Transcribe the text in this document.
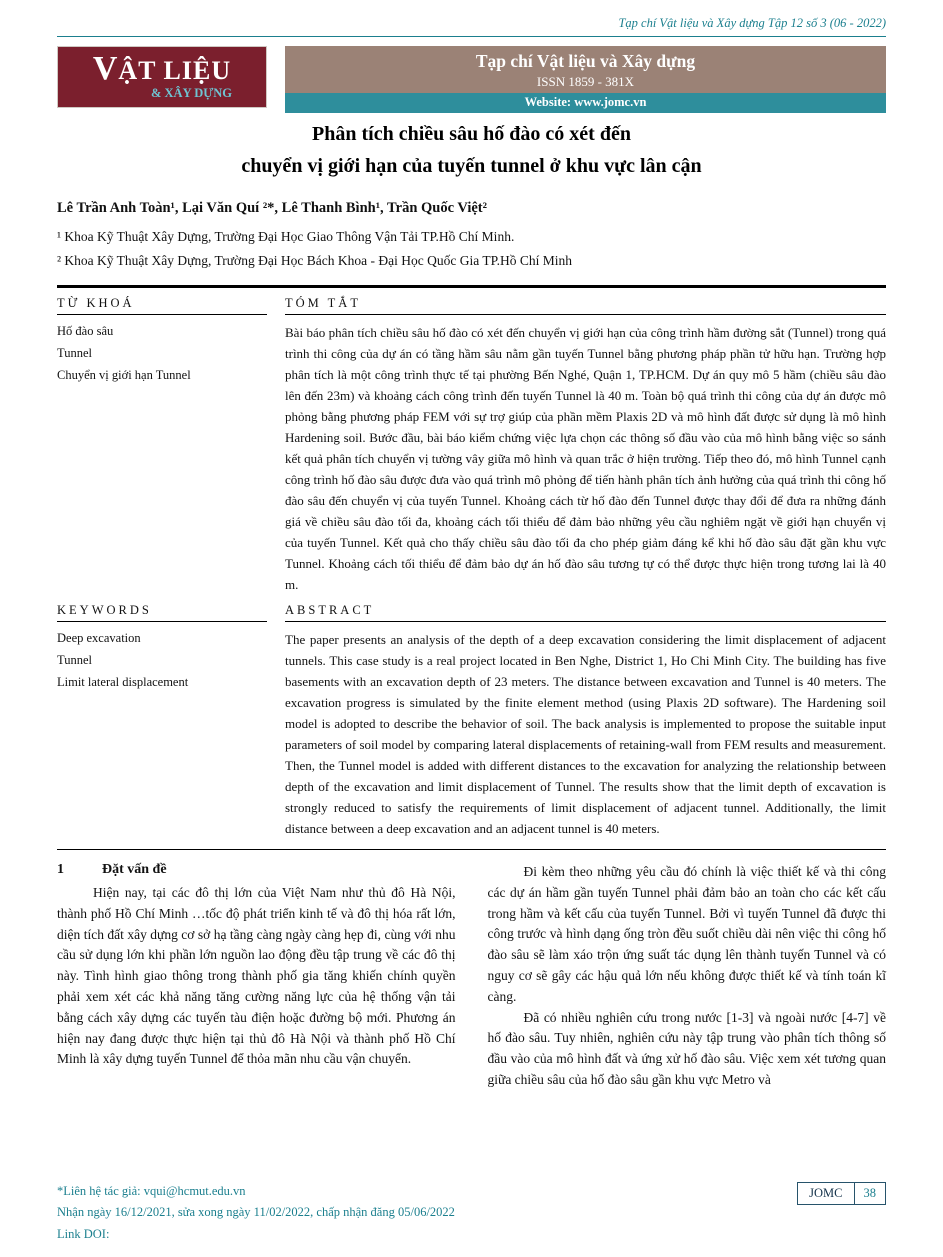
Tạp chí Vật liệu và Xây dựng Tập 12 số 3 (06 - 2022)
VẬT LIỆU
& XÂY DỰNG
Tạp chí Vật liệu và Xây dựng
ISSN 1859 - 381X
Website: www.jomc.vn
Phân tích chiều sâu hố đào có xét đến
chuyển vị giới hạn của tuyến tunnel ở khu vực lân cận
Lê Trần Anh Toàn¹, Lại Văn Quí ²*, Lê Thanh Bình¹, Trần Quốc Việt²
¹ Khoa Kỹ Thuật Xây Dựng, Trường Đại Học Giao Thông Vận Tải TP.Hồ Chí Minh.
² Khoa Kỹ Thuật Xây Dựng, Trường Đại Học Bách Khoa - Đại Học Quốc Gia TP.Hồ Chí Minh
TỪ KHOÁ
Hố đào sâu
Tunnel
Chuyển vị giới hạn Tunnel
TÓM TẮT
Bài báo phân tích chiều sâu hố đào có xét đến chuyển vị giới hạn của công trình hầm đường sắt (Tunnel) trong quá trình thi công của dự án có tầng hầm sâu nằm gần tuyến Tunnel bằng phương pháp phần tử hữu hạn. Trường hợp phân tích là một công trình thực tế tại phường Bến Nghé, Quận 1, TP.HCM. Dự án quy mô 5 hầm (chiều sâu đào lên đến 23m) và khoảng cách công trình đến tuyến Tunnel là 40 m. Toàn bộ quá trình thi công của dự án được mô phỏng bằng phương pháp FEM với sự trợ giúp của phần mềm Plaxis 2D và mô hình đất được sử dụng là mô hình Hardening soil. Bước đầu, bài báo kiểm chứng việc lựa chọn các thông số đầu vào của mô hình bằng việc so sánh kết quả phân tích chuyển vị tường vây giữa mô hình và quan trắc ở hiện trường. Tiếp theo đó, mô hình Tunnel cạnh công trình hố đào sâu được đưa vào quá trình mô phỏng để tiến hành phân tích ảnh hưởng của quá trình thi công hố đào sâu đến chuyển vị của tuyến Tunnel. Khoảng cách từ hố đào đến Tunnel được thay đổi để đưa ra những đánh giá về chiều sâu đào tối đa, khoảng cách tối thiểu để đảm bảo những yêu cầu nghiêm ngặt về giới hạn chuyển vị của tuyến Tunnel. Kết quả cho thấy chiều sâu đào tối đa cho phép giảm đáng kể khi hố đào sâu đặt gần khu vực Tunnel. Khoảng cách tối thiểu để đảm bảo dự án hố đào sâu tương tự có thể được thực hiện trong tương lai là 40 m.
KEYWORDS
Deep excavation
Tunnel
Limit lateral displacement
ABSTRACT
The paper presents an analysis of the depth of a deep excavation considering the limit displacement of adjacent tunnels. This case study is a real project located in Ben Nghe, District 1, Ho Chi Minh City. The building has five basements with an excavation depth of 23 meters. The distance between excavation and Tunnel is 40 meters. The excavation progress is simulated by the finite element method (using Plaxis 2D software). The Hardening soil model is adopted to describe the behavior of soil. The back analysis is implemented to propose the suitable input parameters of soil model by comparing lateral displacements of retaining-wall from FEM results and measurement. Then, the Tunnel model is added with different distances to the excavation for analyzing the relationship between depth of the excavation and limit displacement of Tunnel. The results show that the limit depth of excavation is strongly reduced to satisfy the requirements of limit displacement of adjacent tunnel. Additionally, the limit distance between a deep excavation and an adjacent tunnel is 40 meters.
1	Đặt vấn đề
Hiện nay, tại các đô thị lớn của Việt Nam như thủ đô Hà Nội, thành phố Hồ Chí Minh …tốc độ phát triển kinh tế và đô thị hóa rất lớn, diện tích đất xây dựng cơ sở hạ tầng càng ngày càng hẹp đi, cùng với nhu cầu sử dụng lớn khi phần lớn nguồn lao động đều tập trung về các đô thị này. Tình hình giao thông trong thành phố gia tăng khiến chính quyền phải xem xét các khả năng tăng cường năng lực của hệ thống vận tải bằng cách xây dựng các tuyến tàu điện hoặc đường bộ mới. Phương án hiện nay đang được thực hiện tại thủ đô Hà Nội và thành phố Hồ Chí Minh là xây dựng tuyến Tunnel để thỏa mãn nhu cầu vận chuyển.
Đi kèm theo những yêu cầu đó chính là việc thiết kế và thi công các dự án hầm gần tuyến Tunnel phải đảm bảo an toàn cho các kết cấu trong hầm và kết cấu của tuyến Tunnel. Bởi vì tuyến Tunnel đã được thi công trước và hình dạng ống tròn đều suốt chiều dài nên việc thi công hố đào sâu sẽ làm xáo trộn ứng suất tác dụng lên thành tuyến Tunnel và có nguy cơ sẽ gây các hậu quả lớn nếu không được thiết kế và tính toán kĩ càng.
Đã có nhiều nghiên cứu trong nước [1-3] và ngoài nước [4-7] về hố đào sâu. Tuy nhiên, nghiên cứu này tập trung vào phân tích thông số đầu vào của mô hình đất và ứng xử hố đào sâu. Việc xem xét tương quan giữa chiều sâu của hố đào sâu gần khu vực Metro và
*Liên hệ tác giả: vqui@hcmut.edu.vn
Nhận ngày 16/12/2021, sửa xong ngày 11/02/2022, chấp nhận đăng 05/06/2022
Link DOI:
JOMC	38
